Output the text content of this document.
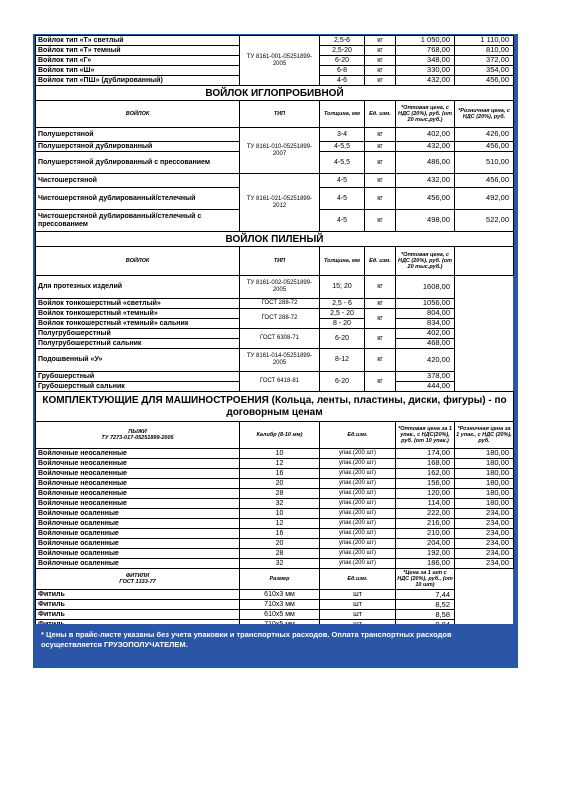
Войлок тип «Т» светлый	ТУ 8161-001-05251899-2005	2,5-6	кг	1 050,00	1 110,00
Войлок тип «Т» темный		2,5-20	кг	768,00	810,00
Войлок тип «Г»		6-20	кг	348,00	372,00
Войлок тип «Ш»		6-8	кг	330,00	354,00
Войлок тип «ПШ» (дублированный)		4-6	кг	432,00	456,00
ВОЙЛОК ИГЛОПРОБИВНОЙ					
ВОЙЛОК	ТИП	Толщина, мм	Ед. изм.	*Оптовая цена, с НДС (20%), руб. (от 20 тыс.руб.)	*Розничная цена, с НДС (20%), руб.
Полушерстяной	ТУ 8161-010-05251899-2007	3-4	кг	402,00	426,00
Полушерстяной дублированный		4-5,5	кг	432,00	456,00
Полушерстяной дублированный с прессованием		4-5,5	кг	486,00	510,00
Чистошерстяной	ТУ 8161-021-05251899-2012	4-5	кг	432,00	456,00
Чистошерстяной дублированный/стелечный		4-5	кг	456,00	492,00
Чистошерстяной дублированный/стелечный с прессованием		4-5	кг	498,00	522,00
ВОЙЛОК ПИЛЕНЫЙ					
ВОЙЛОК	ТИП	Толщина, мм	Ед. изм.	*Оптовая цена, с НДС (20%), руб. (от 20 тыс.руб.)	
Для протезных изделий	ТУ 8161-002-05251899-2005	15; 20	кг	1608,00	
Войлок тонкошерстный «светлый»	ГОСТ 288-72	2,5 - 6	кг	1056,00	
Войлок тонкошерстный «темный»	ГОСТ 288-72	2,5 - 20	кг	804,00	
Войлок тонкошерстный «темный» сальник		8 - 20		834,00	
Полугрубошерстный	ГОСТ 6308-71	6-20	кг	402,00	
Полугрубошерстный сальник				468,00	
Подошвенный «У»	ТУ 8161-014-05251899-2005	8-12	кг	420,00	
Грубошерстный	ГОСТ 6418-81	6-20	кг	378,00	
Грубошерстный сальник				444,00	
КОМПЛЕКТУЮЩИЕ ДЛЯ МАШИНОСТРОЕНИЯ (Кольца, ленты, пластины, диски, фигуры) - по договорным ценам					
ПЫЖИ
ТУ 7273-017-05251899-2005	Калибр (8-10 мм)	Ед.изм.		*Оптовая цена за 1 упак., с НДС(20%), руб. (от 10 упак.)	*Розничная цена за 1 упак., с НДС (20%), руб.
Войлочные неосаленные	10	упак.(200 шт)		174,00	180,00
Войлочные неосаленные	12	упак.(200 шт)		168,00	180,00
Войлочные неосаленные	16	упак.(200 шт)		162,00	180,00
Войлочные неосаленные	20	упак.(200 шт)		156,00	180,00
Войлочные неосаленные	28	упак.(200 шт)		120,00	180,00
Войлочные неосаленные	32	упак.(200 шт)		114,00	180,00
Войлочные осаленные	10	упак.(200 шт)		222,00	234,00
Войлочные осаленные	12	упак.(200 шт)		216,00	234,00
Войлочные осаленные	16	упак.(200 шт)		210,00	234,00
Войлочные осаленные	20	упак.(200 шт)		204,00	234,00
Войлочные осаленные	28	упак.(200 шт)		192,00	234,00
Войлочные осаленные	32	упак.(200 шт)		186,00	234,00
ФИТИЛИ
ГОСТ 1333-77	Размер	Ед.изм.		*Цена за 1 шт с НДС (20%), руб., (от 10 шт)	
Фитиль	610х3 мм	шт		7,44	
Фитиль	710х3 мм	шт		8,52	
Фитиль	610х5 мм	шт		8,58	

* Цены в прайс-листе указаны без учета упаковки и транспортных расходов. Оплата транспортных расходов осуществляется ГРУЗОПОЛУЧАТЕЛЕМ.
